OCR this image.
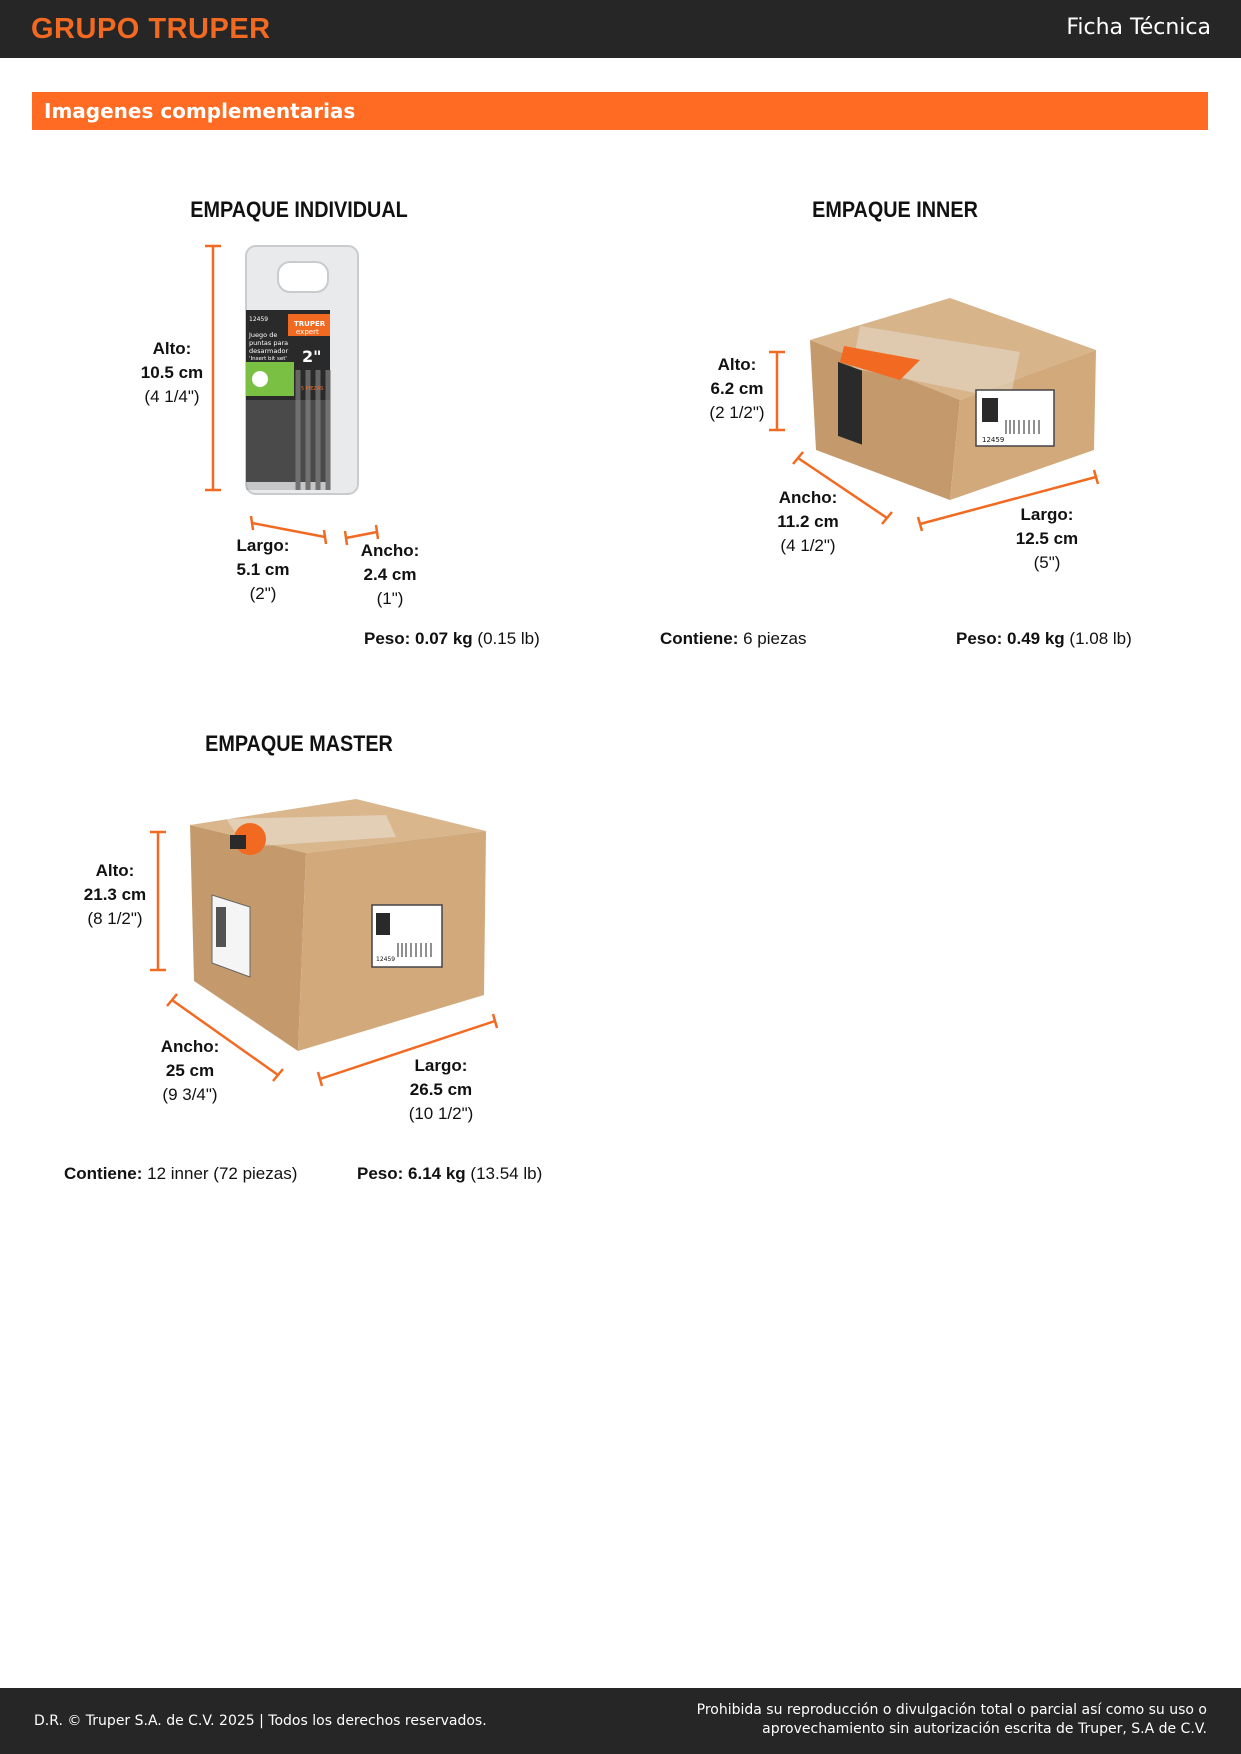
GRUPO TRUPER	Ficha Técnica
Imagenes complementarias
EMPAQUE INDIVIDUAL
12459
TRUPER
expert
Juego de
puntas para
desarmador
'Insert bit set' 2"
5 PIEZAS
Alto:
10.5 cm
(4 1/4")
Largo:
5.1 cm
(2")
Ancho:
2.4 cm
(1")
Peso: 0.07 kg (0.15 lb)
EMPAQUE INNER
12459
Alto:
6.2 cm
(2 1/2")
Ancho:
11.2 cm
(4 1/2")
Largo:
12.5 cm
(5")
Contiene: 6 piezas	Peso: 0.49 kg (1.08 lb)
EMPAQUE MASTER
12459
Alto:
21.3 cm
(8 1/2")
Ancho:
25 cm
(9 3/4")
Largo:
26.5 cm
(10 1/2")
Contiene: 12 inner (72 piezas)	Peso: 6.14 kg (13.54 lb)
D.R. © Truper S.A. de C.V. 2025 | Todos los derechos reservados.
Prohibida su reproducción o divulgación total o parcial así como su uso o
aprovechamiento sin autorización escrita de Truper, S.A de C.V.
